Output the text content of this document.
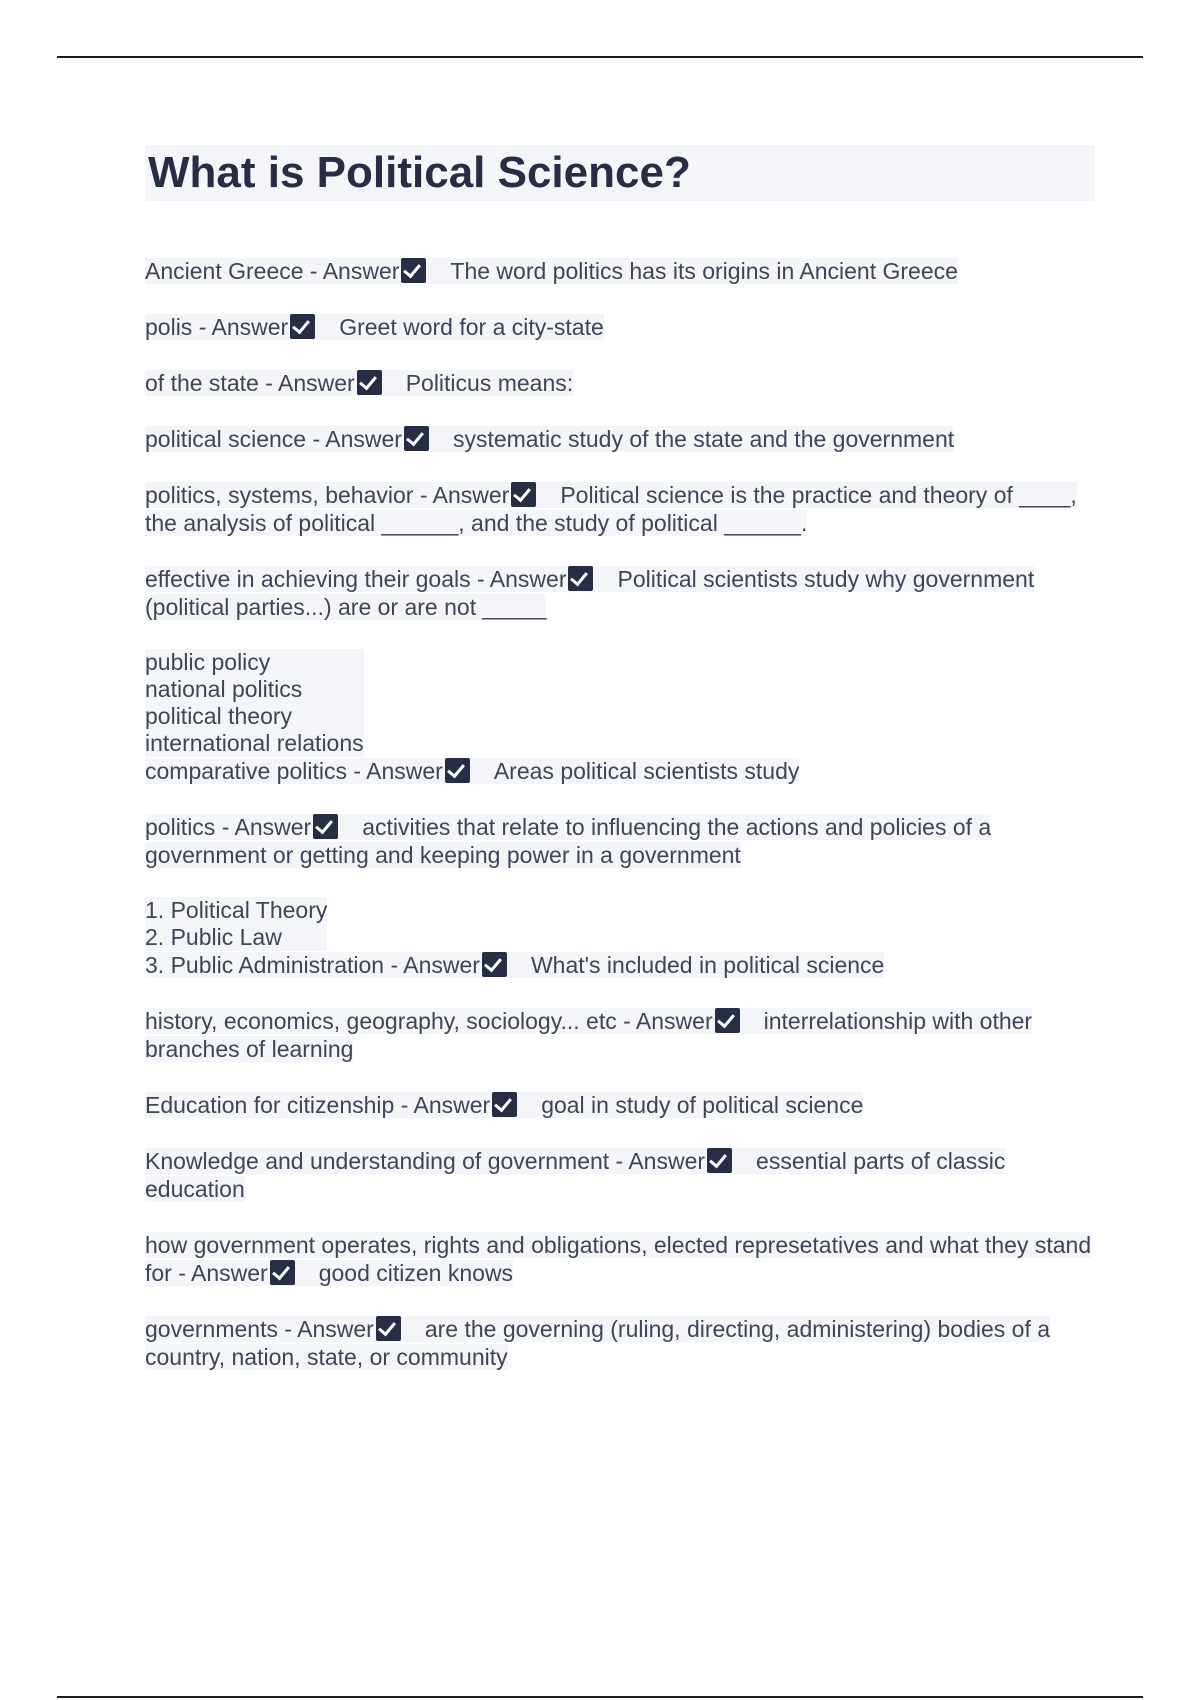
What is Political Science?
Ancient Greece - Answer The word politics has its origins in Ancient Greece
polis - Answer Greet word for a city-state
of the state - Answer Politicus means:
political science - Answer systematic study of the state and the government
politics, systems, behavior - Answer Political science is the practice and theory of ____, the analysis of political ______, and the study of political ______.
effective in achieving their goals - Answer Political scientists study why government (political parties...) are or are not _____
public policy
national politics
political theory
international relations
comparative politics - Answer Areas political scientists study
politics - Answer activities that relate to influencing the actions and policies of a government or getting and keeping power in a government
1. Political Theory
2. Public Law
3. Public Administration - Answer What's included in political science
history, economics, geography, sociology... etc - Answer interrelationship with other branches of learning
Education for citizenship - Answer goal in study of political science
Knowledge and understanding of government - Answer essential parts of classic education
how government operates, rights and obligations, elected represetatives and what they stand for - Answer good citizen knows
governments - Answer are the governing (ruling, directing, administering) bodies of a country, nation, state, or community
